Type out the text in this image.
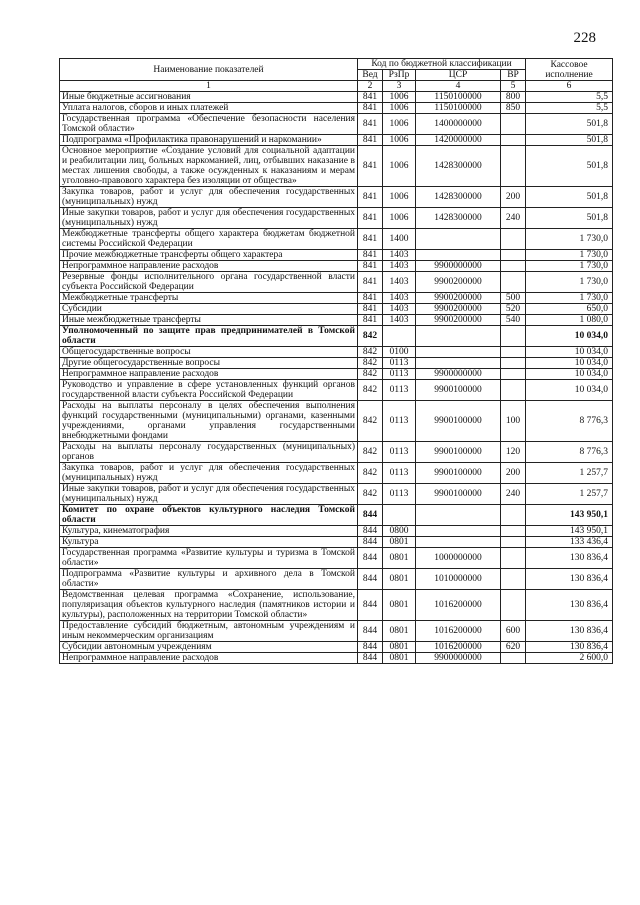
228
Наименование показателей	Код по бюджетной классификации				Кассовое исполнение
	Вед	РзПр	ЦСР	ВР	
1	2	3	4	5	6
Иные бюджетные ассигнования	841	1006	1150100000	800	5,5
Уплата налогов, сборов и иных платежей	841	1006	1150100000	850	5,5
Государственная программа «Обеспечение безопасности населения Томской области»	841	1006	1400000000		501,8
Подпрограмма «Профилактика правонарушений и наркомании»	841	1006	1420000000		501,8
Основное мероприятие «Создание условий для социальной адаптации и реабилитации лиц, больных наркоманией, лиц, отбывших наказание в местах лишения свободы, а также осужденных к наказаниям и мерам уголовно-правового характера без изоляции от общества»	841	1006	1428300000		501,8
Закупка товаров, работ и услуг для обеспечения государственных (муниципальных) нужд	841	1006	1428300000	200	501,8
Иные закупки товаров, работ и услуг для обеспечения государственных (муниципальных) нужд	841	1006	1428300000	240	501,8
Межбюджетные трансферты общего характера бюджетам бюджетной системы Российской Федерации	841	1400			1 730,0
Прочие межбюджетные трансферты общего характера	841	1403			1 730,0
Непрограммное направление расходов	841	1403	9900000000		1 730,0
Резервные фонды исполнительного органа государственной власти субъекта Российской Федерации	841	1403	9900200000		1 730,0
Межбюджетные трансферты	841	1403	9900200000	500	1 730,0
Субсидии	841	1403	9900200000	520	650,0
Иные межбюджетные трансферты	841	1403	9900200000	540	1 080,0
Уполномоченный по защите прав предпринимателей в Томской области	842				10 034,0
Общегосударственные вопросы	842	0100			10 034,0
Другие общегосударственные вопросы	842	0113			10 034,0
Непрограммное направление расходов	842	0113	9900000000		10 034,0
Руководство и управление в сфере установленных функций органов государственной власти субъекта Российской Федерации	842	0113	9900100000		10 034,0
Расходы на выплаты персоналу в целях обеспечения выполнения функций государственными (муниципальными) органами, казенными учреждениями, органами управления государственными внебюджетными фондами	842	0113	9900100000	100	8 776,3
Расходы на выплаты персоналу государственных (муниципальных) органов	842	0113	9900100000	120	8 776,3
Закупка товаров, работ и услуг для обеспечения государственных (муниципальных) нужд	842	0113	9900100000	200	1 257,7
Иные закупки товаров, работ и услуг для обеспечения государственных (муниципальных) нужд	842	0113	9900100000	240	1 257,7
Комитет по охране объектов культурного наследия Томской области	844				143 950,1
Культура, кинематография	844	0800			143 950,1
Культура	844	0801			133 436,4
Государственная программа «Развитие культуры и туризма в Томской области»	844	0801	1000000000		130 836,4
Подпрограмма «Развитие культуры и архивного дела в Томской области»	844	0801	1010000000		130 836,4
Ведомственная целевая программа «Сохранение, использование, популяризация объектов культурного наследия (памятников истории и культуры), расположенных на территории Томской области»	844	0801	1016200000		130 836,4
Предоставление субсидий бюджетным, автономным учреждениям и иным некоммерческим организациям	844	0801	1016200000	600	130 836,4
Субсидии автономным учреждениям	844	0801	1016200000	620	130 836,4
Непрограммное направление расходов	844	0801	9900000000		2 600,0
